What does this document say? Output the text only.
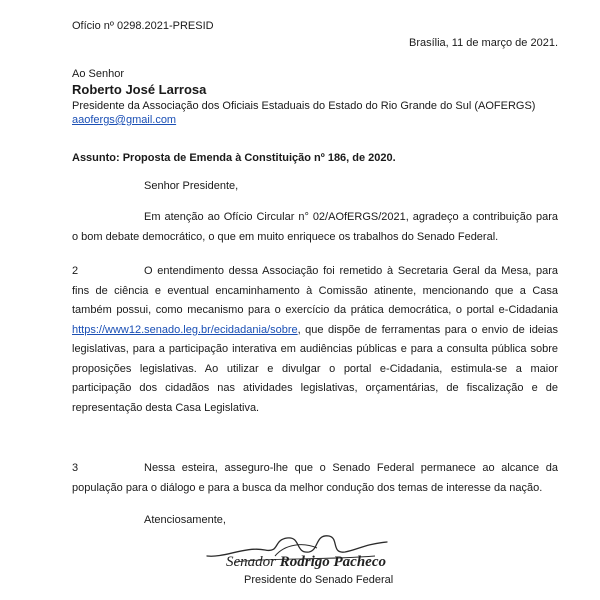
Ofício nº 0298.2021-PRESID
Brasília, 11 de março de 2021.
Ao Senhor
Roberto José Larrosa
Presidente da Associação dos Oficiais Estaduais do Estado do Rio Grande do Sul (AOFERGS)
aaofergs@gmail.com
Assunto: Proposta de Emenda à Constituição nº 186, de 2020.
Senhor Presidente,

Em atenção ao Ofício Circular n° 02/AOfERGS/2021, agradeço a contribuição para o bom debate democrático, o que em muito enriquece os trabalhos do Senado Federal.

2	O entendimento dessa Associação foi remetido à Secretaria Geral da Mesa, para fins de ciência e eventual encaminhamento à Comissão atinente, mencionando que a Casa também possui, como mecanismo para o exercício da prática democrática, o portal e-Cidadania https://www12.senado.leg.br/ecidadania/sobre, que dispõe de ferramentas para o envio de ideias legislativas, para a participação interativa em audiências públicas e para a consulta pública sobre proposições legislativas. Ao utilizar e divulgar o portal e-Cidadania, estimula-se a maior participação dos cidadãos nas atividades legislativas, orçamentárias, de fiscalização e de representação desta Casa Legislativa.

3	Nessa esteira, asseguro-lhe que o Senado Federal permanece ao alcance da população para o diálogo e para a busca da melhor condução dos temas de interesse da nação.

Atenciosamente,
Senador Rodrigo Pacheco
Presidente do Senado Federal
